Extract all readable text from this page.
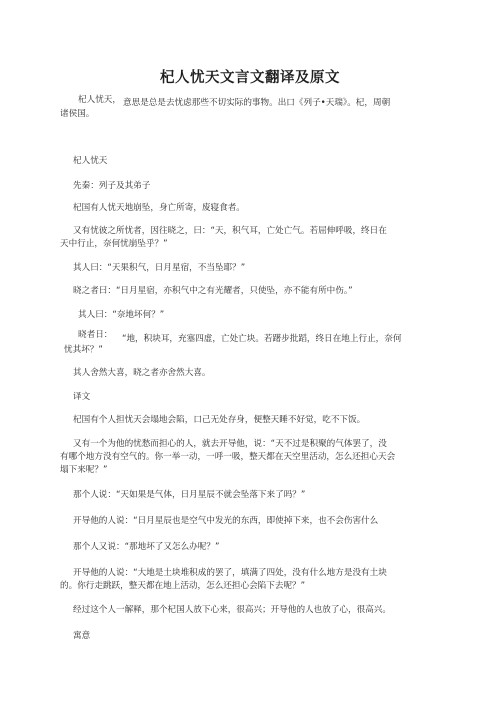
杞人忧天文言文翻译及原文
杞人忧天， 意思是总是去忧虑那些不切实际的事物。出口《列子•天瑞》。杞，周朝
诸侯国。
杞人忧天
先秦：列子及其弟子
杞国有人忧天地崩坠，身亡所寄，废寝食者。
又有忧彼之所忧者，因往晓之，曰：“天，积气耳，亡处亡气。若屈伸呼吸，终日在
天中行止，奈何忧崩坠乎？”
其人曰：“天果积气，日月星宿，不当坠耶？”
晓之者曰：“日月星宿，亦积气中之有光耀者，只使坠，亦不能有所中伤。”
其人曰：“奈地坏何？”
晓者日： “地，积块耳，充塞四虚，亡处亡块。若躇步批蹈，终日在地上行止，奈何
忧其坏？”
其人舍然大喜，晓之者亦舍然大喜。
译文
杞国有个人担忧天会塌地会陷，口己无处存身，便整天睡不好觉，吃不下饭。
又有一个为他的忧愁而担心的人，就去开导他，说：“天不过是积聚的气体罢了，没
有哪个地方没有空气的。你一举一动，一呼一吸，整天都在天空里活动，怎么还担心天会
塌下来呢？”
那个人说：“天如果是气体，日月星辰不就会坠落下来了吗？”
开导他的人说：“日月星辰也是空气中发光的东西，即使掉下来，也不会伤害什么
那个人又说：“那地坏了又怎么办呢？”
开导他的人说：“大地是土块堆积成的罢了，填满了四处，没有什么地方是没有土块
的。你行走跳跃，整天都在地上活动，怎么还担心会陷下去呢？”
经过这个人一解释，那个杞国人放下心来，很高兴；开导他的人也放了心，很高兴。
寓意
